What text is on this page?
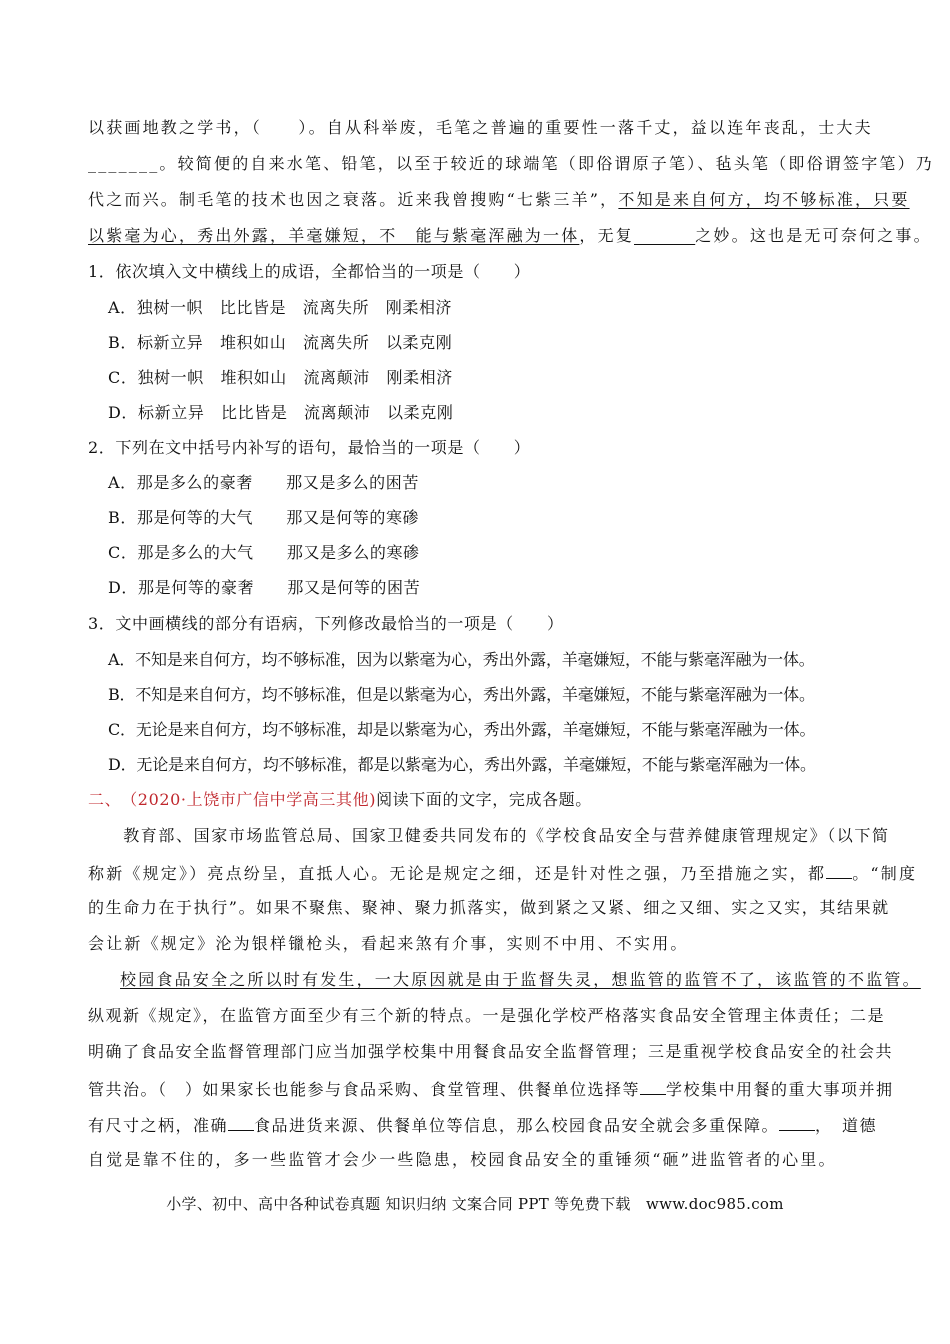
以获画地教之学书，（　　）。自从科举废，毛笔之普遍的重要性一落千丈，益以连年丧乱，士大夫
_______。较简便的自来水笔、铅笔，以至于较近的球端笔（即俗谓原子笔）、毡头笔（即俗谓签字笔）乃
代之而兴。制毛笔的技术也因之衰落。近来我曾搜购“七紫三羊”，不知是来自何方，均不够标准，只要
以紫毫为心，秀出外露，羊毫嫌短，不　能与紫毫浑融为一体，无复______之妙。这也是无可奈何之事。
1．依次填入文中横线上的成语，全都恰当的一项是（　　）
A．独树一帜　比比皆是　流离失所　刚柔相济
B．标新立异　堆积如山　流离失所　以柔克刚
C．独树一帜　堆积如山　流离颠沛　刚柔相济
D．标新立异　比比皆是　流离颠沛　以柔克刚
2．下列在文中括号内补写的语句，最恰当的一项是（　　）
A．那是多么的豪奢　　那又是多么的困苦
B．那是何等的大气　　那又是何等的寒碜
C．那是多么的大气　　那又是多么的寒碜
D．那是何等的豪奢　　那又是何等的困苦
3．文中画横线的部分有语病，下列修改最恰当的一项是（　　）
A．不知是来自何方，均不够标准，因为以紫毫为心，秀出外露，羊毫嫌短，不能与紫毫浑融为一体。
B．不知是来自何方，均不够标准，但是以紫毫为心，秀出外露，羊毫嫌短，不能与紫毫浑融为一体。
C．无论是来自何方，均不够标准，却是以紫毫为心，秀出外露，羊毫嫌短，不能与紫毫浑融为一体。
D．无论是来自何方，均不够标准，都是以紫毫为心，秀出外露，羊毫嫌短，不能与紫毫浑融为一体。
二、 （2020·上饶市广信中学高三其他)阅读下面的文字，完成各题。
　　教育部、国家市场监管总局、国家卫健委共同发布的《学校食品安全与营养健康管理规定》（以下简
称新《规定》）亮点纷呈，直抵人心。无论是规定之细，还是针对性之强，乃至措施之实，都 。“制度
的生命力在于执行”。如果不聚焦、聚神、聚力抓落实，做到紧之又紧、细之又细、实之又实，其结果就
会让新《规定》沦为银样镴枪头，看起来煞有介事，实则不中用、不实用。
校园食品安全之所以时有发生，一大原因就是由于监督失灵，想监管的监管不了，该监管的不监管。
纵观新《规定》，在监管方面至少有三个新的特点。一是强化学校严格落实食品安全管理主体责任；二是
明确了食品安全监督管理部门应当加强学校集中用餐食品安全监督管理；三是重视学校食品安全的社会共
管共治。（　）如果家长也能参与食品采购、食堂管理、供餐单位选择等 学校集中用餐的重大事项并拥
有尺寸之柄，准确 食品进货来源、供餐单位等信息，那么校园食品安全就会多重保障。 ，　道德
自觉是靠不住的，多一些监管才会少一些隐患，校园食品安全的重锤须“砸”进监管者的心里。
小学、初中、高中各种试卷真题 知识归纳 文案合同 PPT 等免费下载　www.doc985.com
